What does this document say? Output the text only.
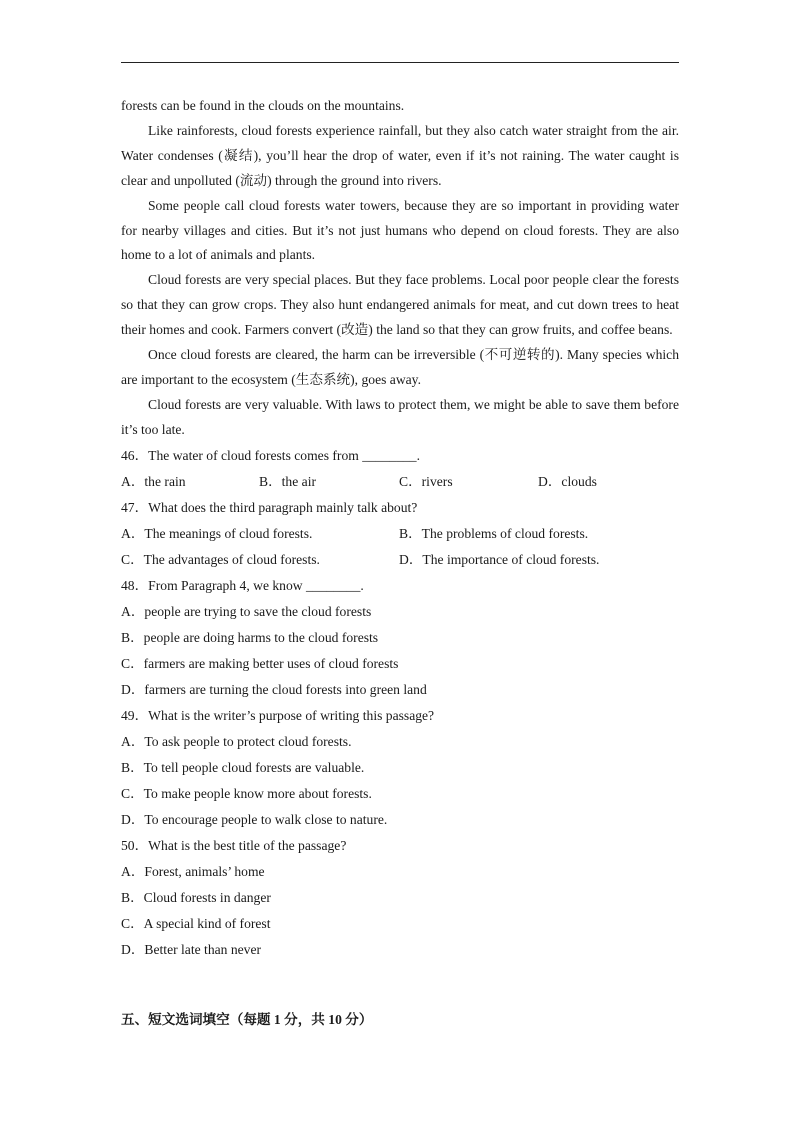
forests can be found in the clouds on the mountains.

Like rainforests, cloud forests experience rainfall, but they also catch water straight from the air. Water condenses (凝结), you’ll hear the drop of water, even if it’s not raining. The water caught is clear and unpolluted (流动) through the ground into rivers.

Some people call cloud forests water towers, because they are so important in providing water for nearby villages and cities. But it’s not just humans who depend on cloud forests. They are also home to a lot of animals and plants.

Cloud forests are very special places. But they face problems. Local poor people clear the forests so that they can grow crops. They also hunt endangered animals for meat, and cut down trees to heat their homes and cook. Farmers convert (改造) the land so that they can grow fruits, and coffee beans.

Once cloud forests are cleared, the harm can be irreversible (不可逆转的). Many species which are important to the ecosystem (生态系统), goes away.

Cloud forests are very valuable. With laws to protect them, we might be able to save them before it’s too late.

46．The water of cloud forests comes from ________.
A．the rain	B．the air	C．rivers	D．clouds
47．What does the third paragraph mainly talk about?
A．The meanings of cloud forests.	B．The problems of cloud forests.
C．The advantages of cloud forests.	D．The importance of cloud forests.
48．From Paragraph 4, we know ________.
A．people are trying to save the cloud forests
B．people are doing harms to the cloud forests
C．farmers are making better uses of cloud forests
D．farmers are turning the cloud forests into green land
49．What is the writer’s purpose of writing this passage?
A．To ask people to protect cloud forests.
B．To tell people cloud forests are valuable.
C．To make people know more about forests.
D．To encourage people to walk close to nature.
50．What is the best title of the passage?
A．Forest, animals’ home
B．Cloud forests in danger
C．A special kind of forest
D．Better late than never
五、短文选词填空（每题 1 分，共 10 分）
